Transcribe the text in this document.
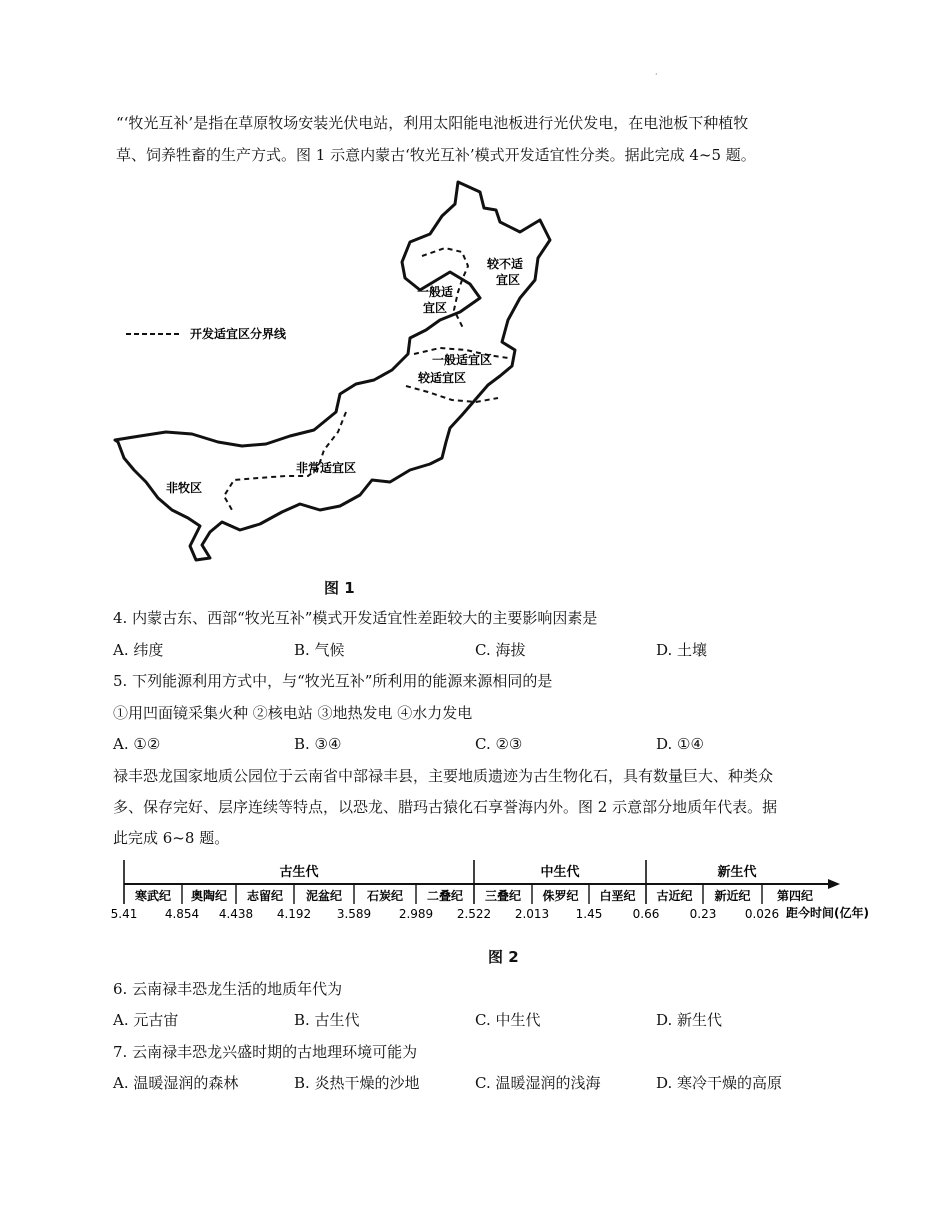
·
“‘牧光互补’是指在草原牧场安装光伏电站，利用太阳能电池板进行光伏发电，在电池板下种植牧
草、饲养牲畜的生产方式。图 1 示意内蒙古‘牧光互补’模式开发适宜性分类。据此完成 4~5 题。
开发适宜区分界线
较不适
宜区
一般适
宜区
一般适宜区
较适宜区
非常适宜区
非牧区
图 1
4. 内蒙古东、西部“牧光互补”模式开发适宜性差距较大的主要影响因素是
A. 纬度	B. 气候	C. 海拔	D. 土壤
5. 下列能源利用方式中，与“牧光互补”所利用的能源来源相同的是
①用凹面镜采集火种 ②核电站 ③地热发电 ④水力发电
A. ①②	B. ③④	C. ②③	D. ①④
禄丰恐龙国家地质公园位于云南省中部禄丰县，主要地质遗迹为古生物化石，具有数量巨大、种类众
多、保存完好、层序连续等特点，以恐龙、腊玛古猿化石享誉海内外。图 2 示意部分地质年代表。据
此完成 6~8 题。
古生代	中生代	新生代
寒武纪 奥陶纪 志留纪 泥盆纪 石炭纪 二叠纪 三叠纪 侏罗纪 白垩纪 古近纪 新近纪 第四纪
5.41 4.854 4.438 4.192 3.589 2.989 2.522 2.013 1.45	0.66	0.23 0.026 距今时间(亿年)
图 2
6. 云南禄丰恐龙生活的地质年代为
A. 元古宙	B. 古生代	C. 中生代	D. 新生代
7. 云南禄丰恐龙兴盛时期的古地理环境可能为
A. 温暖湿润的森林	B. 炎热干燥的沙地	C. 温暖湿润的浅海	D. 寒冷干燥的高原
